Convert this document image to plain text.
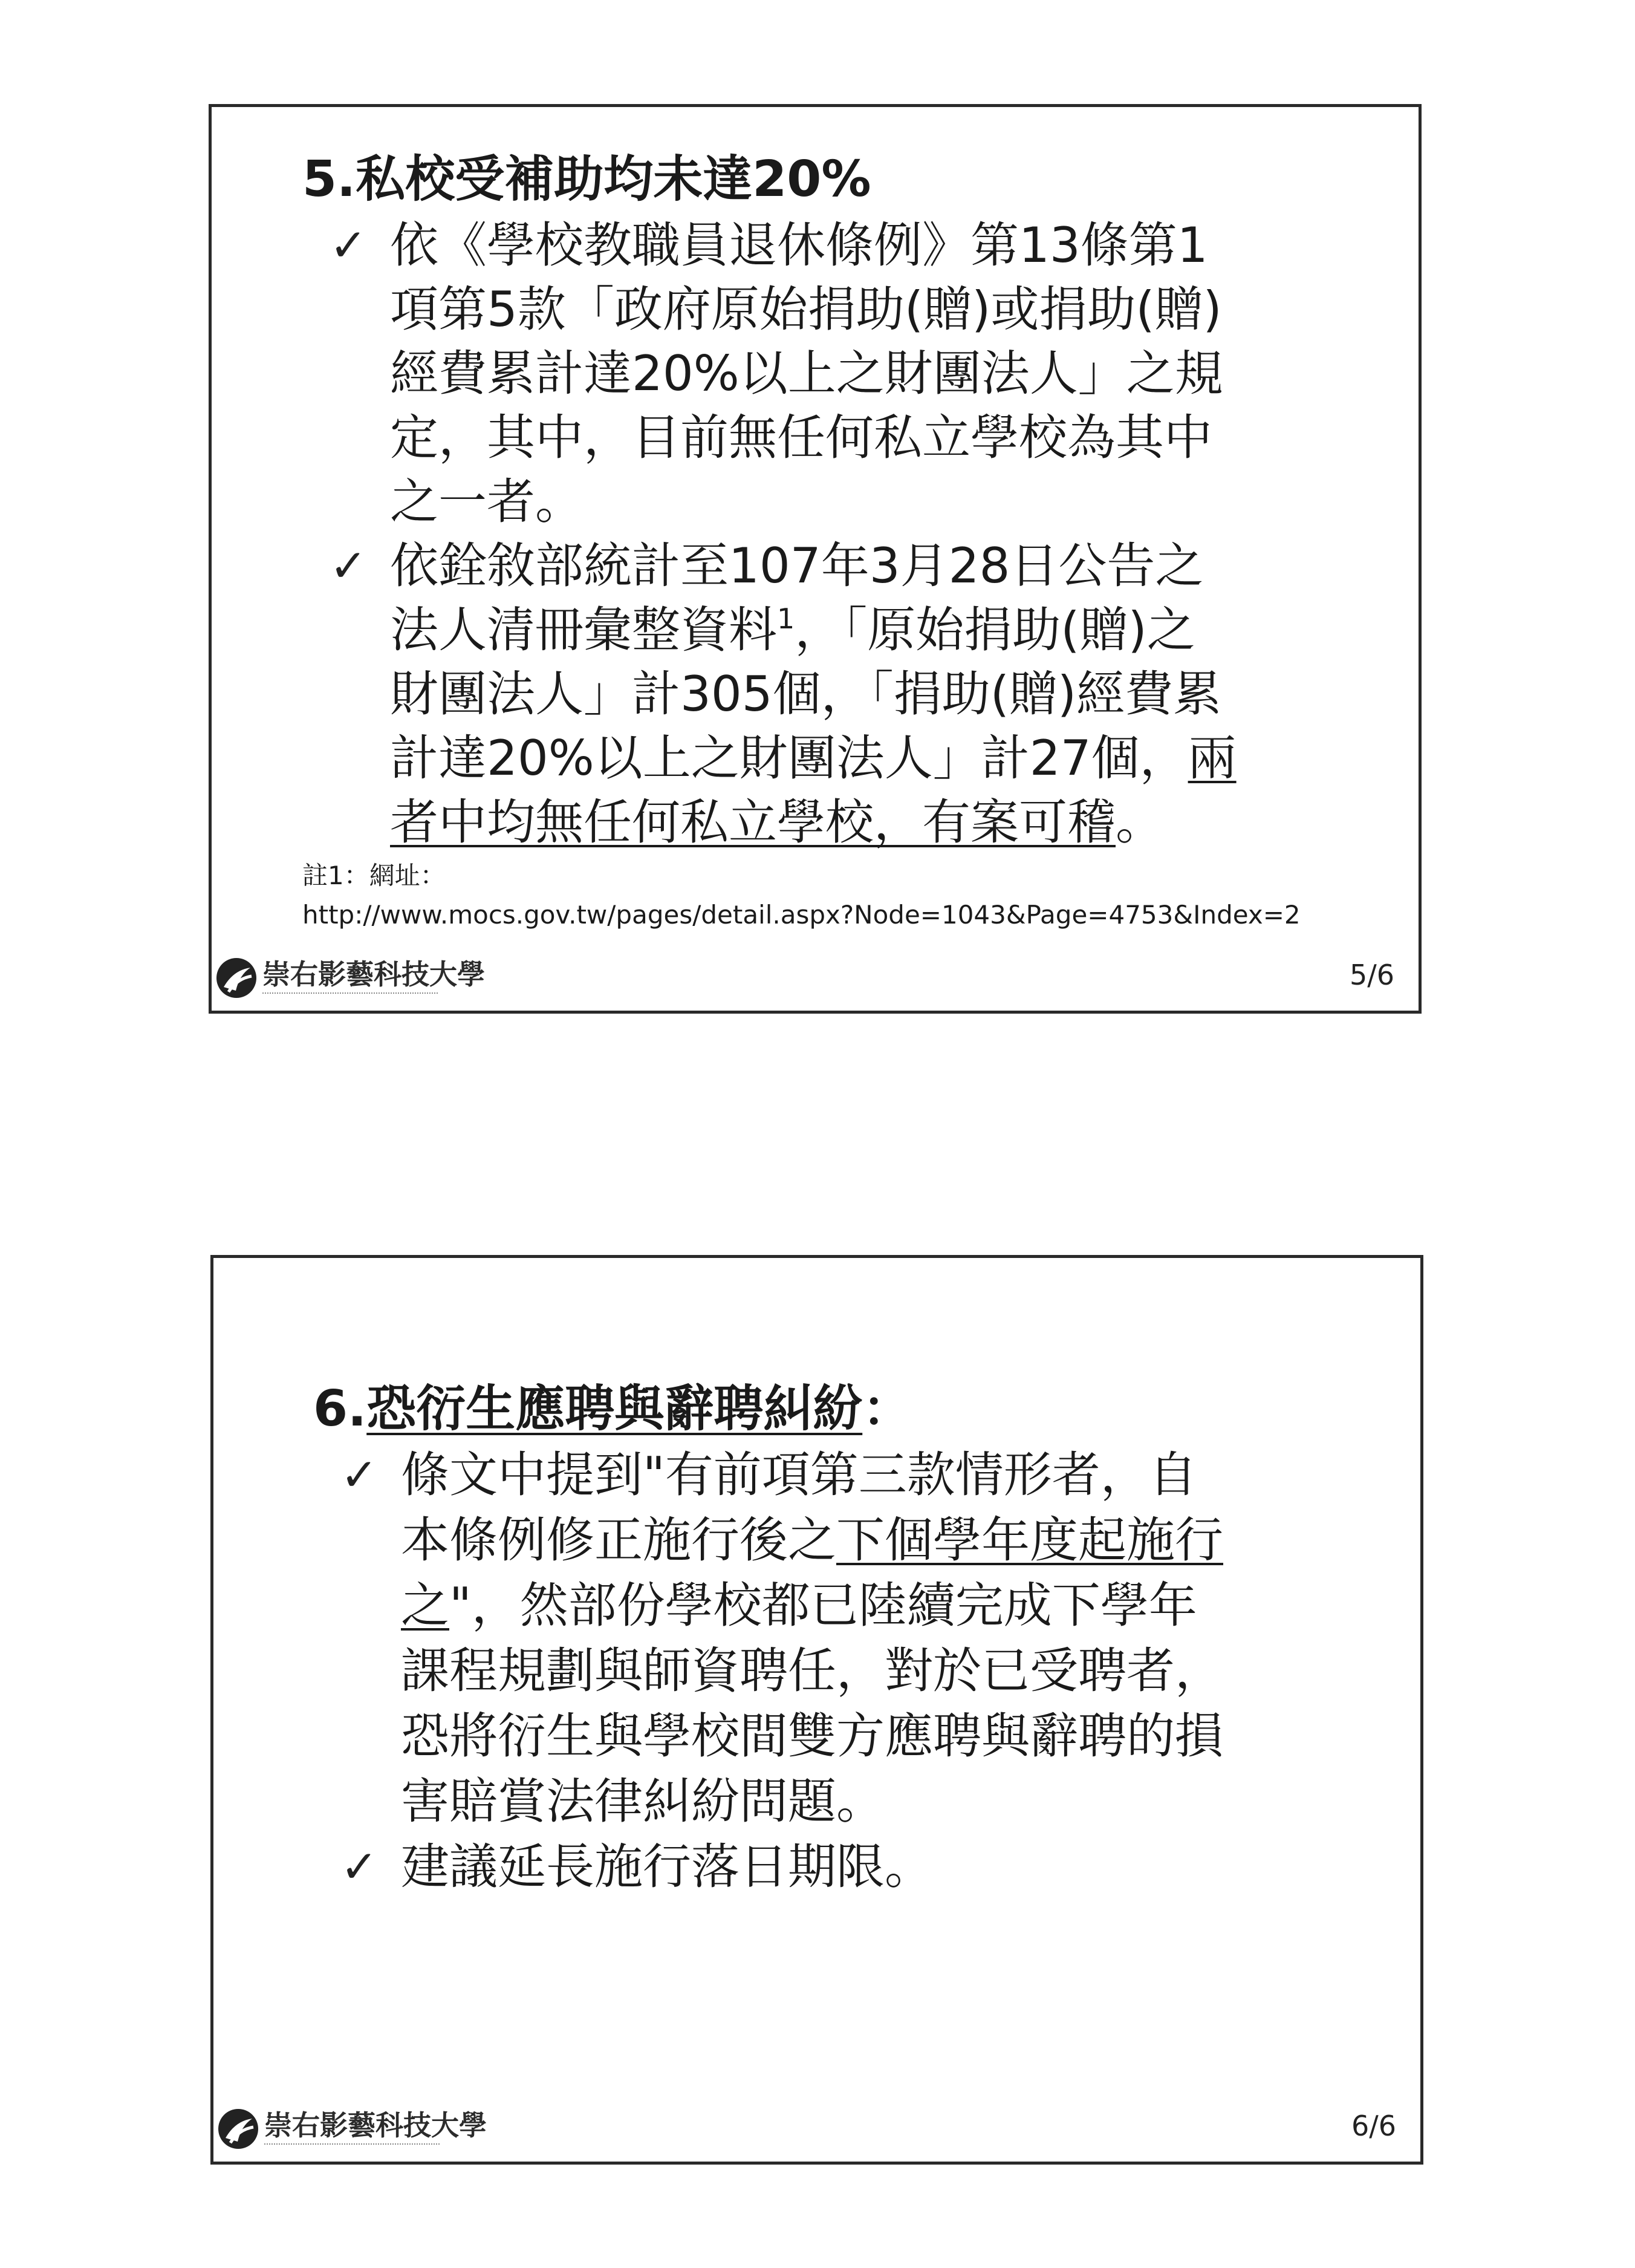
5.私校受補助均未達20%
✓ 依《學校教職員退休條例》第13條第1
項第5款「政府原始捐助(贈)或捐助(贈)
經費累計達20%以上之財團法人」之規
定，其中，目前無任何私立學校為其中
之一者。
✓ 依銓敘部統計至107年3月28日公告之
法人清冊彙整資料$^1$，「原始捐助(贈)之
財團法人」計305個，「捐助(贈)經費累
計達20%以上之財團法人」計27個，兩
者中均無任何私立學校，有案可稽。

註1：網址：

http://www.mocs.gov.tw/pages/detail.aspx?Node=1043&Page=4753&Index=2

崇右影藝科技大學	5/6
6.恐衍生應聘與辭聘糾紛：
✓ 條文中提到"有前項第三款情形者，自
本條例修正施行後之下個學年度起施行
之"，然部份學校都已陸續完成下學年
課程規劃與師資聘任，對於已受聘者，
恐將衍生與學校間雙方應聘與辭聘的損
害賠賞法律糾紛問題。
✓ 建議延長施行落日期限。
崇右影藝科技大學	6/6
